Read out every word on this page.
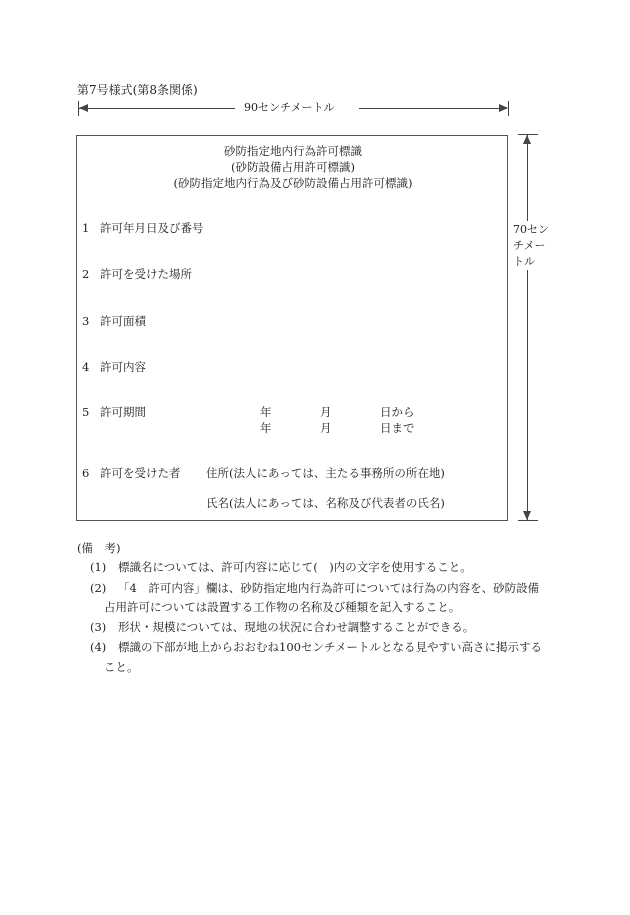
第7号様式(第8条関係)
90センチメートル
70センチメートル
砂防指定地内行為許可標識
(砂防設備占用許可標識)
(砂防指定地内行為及び砂防設備占用許可標識)
1 許可年月日及び番号
2 許可を受けた場所
3 許可面積
4 許可内容
5 許可期間	年	月	日から
年	月	日まで
6 許可を受けた者 住所(法人にあっては、主たる事務所の所在地)
氏名(法人にあっては、名称及び代表者の氏名)
(備　考)
(1) 標識名については、許可内容に応じて(　)内の文字を使用すること。
(2) 「4　許可内容」欄は、砂防指定地内行為許可については行為の内容を、砂防設備
占用許可については設置する工作物の名称及び種類を記入すること。
(3) 形状・規模については、現地の状況に合わせ調整することができる。
(4) 標識の下部が地上からおおむね100センチメートルとなる見やすい高さに掲示する
こと。
